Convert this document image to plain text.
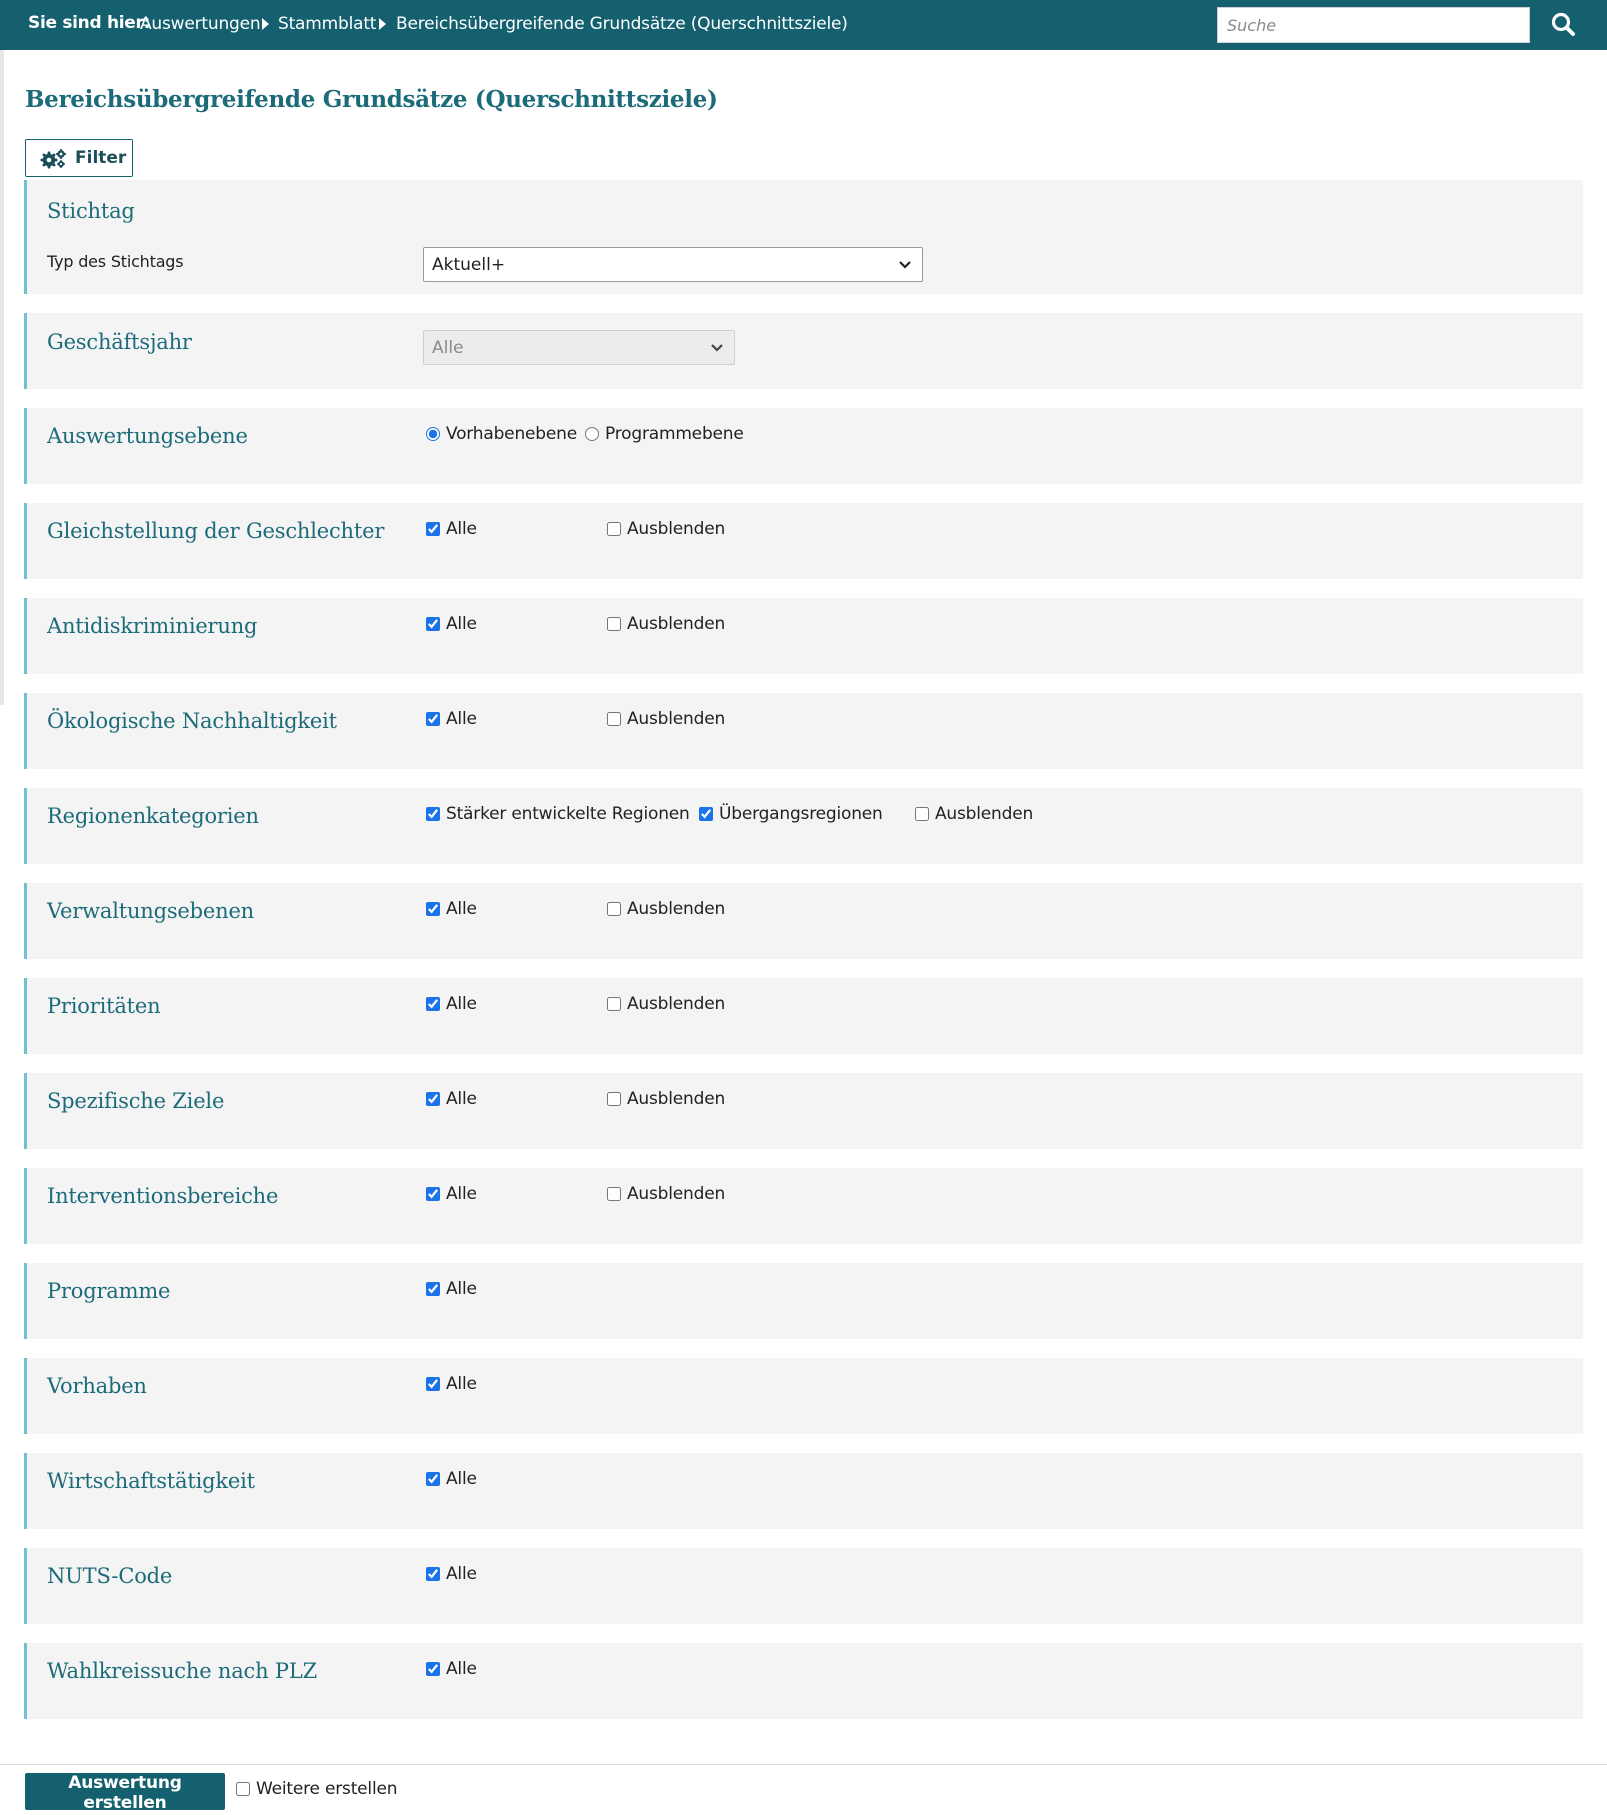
Sie sind hier:
Auswertungen Stammblatt Bereichsübergreifende Grundsätze (Querschnittsziele)
Suche
Bereichsübergreifende Grundsätze (Querschnittsziele)
Filter
Stichtag
Typ des Stichtags	Aktuell+
Geschäftsjahr	Alle
Auswertungsebene	Vorhabenebene Programmebene
Gleichstellung der Geschlechter	Alle	Ausblenden
Antidiskriminierung	Alle	Ausblenden
Ökologische Nachhaltigkeit	Alle	Ausblenden
Regionenkategorien	Stärker entwickelte Regionen Übergangsregionen	Ausblenden
Verwaltungsebenen	Alle	Ausblenden
Prioritäten	Alle	Ausblenden
Spezifische Ziele	Alle	Ausblenden
Interventionsbereiche	Alle	Ausblenden
Programme	Alle
Vorhaben	Alle
Wirtschaftstätigkeit	Alle
NUTS-Code	Alle
Wahlkreissuche nach PLZ	Alle
Auswertung erstellen
Weitere erstellen
